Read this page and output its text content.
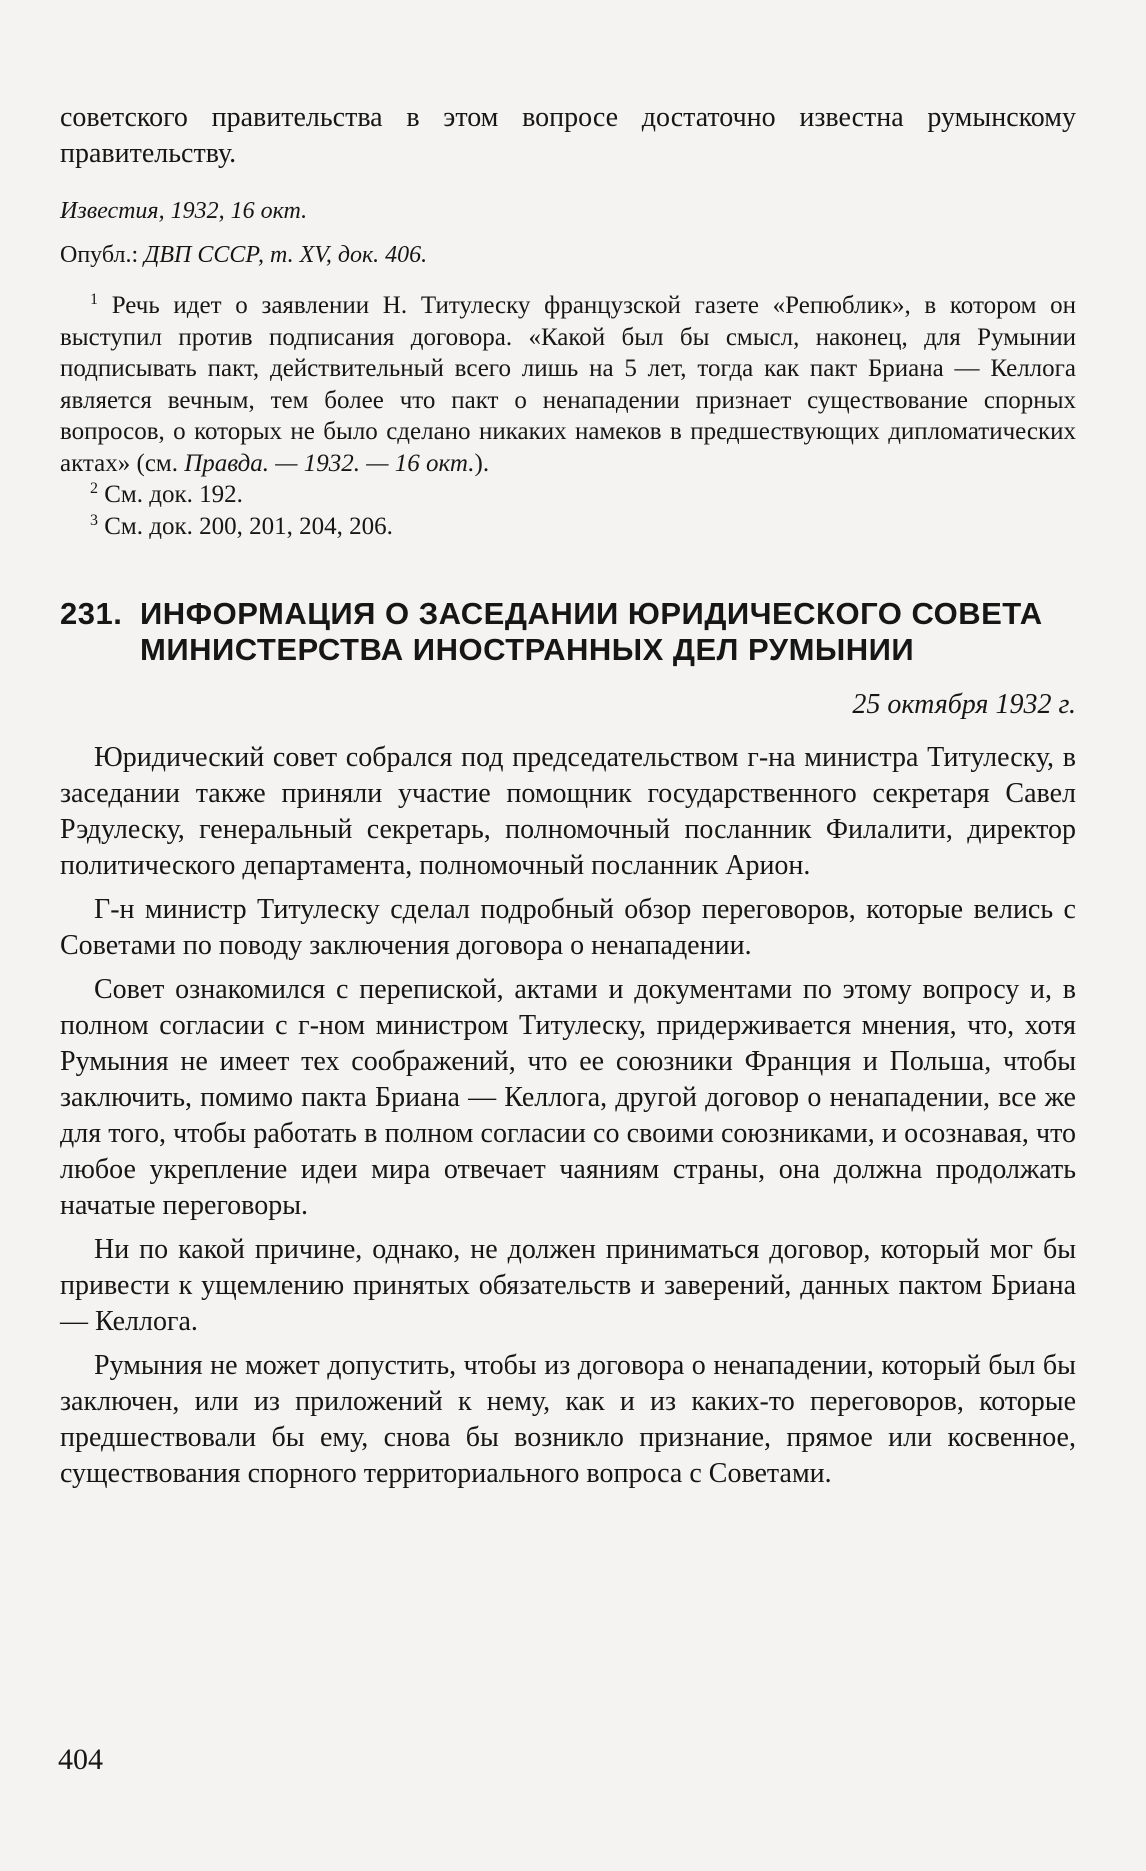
советского правительства в этом вопросе достаточно известна румынскому правительству.

Известия, 1932, 16 окт.

Опубл.: ДВП СССР, т. XV, док. 406.

$^1$ Речь идет о заявлении Н. Титулеску французской газете «Репюблик», в котором он выступил против подписания договора. «Какой был бы смысл, наконец, для Румынии подписывать пакт, действительный всего лишь на 5 лет, тогда как пакт Бриана — Келлога является вечным, тем более что пакт о ненападении признает существование спорных вопросов, о которых не было сделано никаких намеков в предшествующих дипломатических актах» (см. Правда. — 1932. — 16 окт.).

$^2$ См. док. 192.

$^3$ См. док. 200, 201, 204, 206.

231. ИНФОРМАЦИЯ О ЗАСЕДАНИИ ЮРИДИЧЕСКОГО СОВЕТА МИНИСТЕРСТВА ИНОСТРАННЫХ ДЕЛ РУМЫНИИ

25 октября 1932 г.

Юридический совет собрался под председательством г-на министра Титулеску, в заседании также приняли участие помощник государственного секретаря Савел Рэдулеску, генеральный секретарь, полномочный посланник Филалити, директор политического департамента, полномочный посланник Арион.

Г-н министр Титулеску сделал подробный обзор переговоров, которые велись с Советами по поводу заключения договора о ненападении.

Совет ознакомился с перепиской, актами и документами по этому вопросу и, в полном согласии с г-ном министром Титулеску, придерживается мнения, что, хотя Румыния не имеет тех соображений, что ее союзники Франция и Польша, чтобы заключить, помимо пакта Бриана — Келлога, другой договор о ненападении, все же для того, чтобы работать в полном согласии со своими союзниками, и осознавая, что любое укрепление идеи мира отвечает чаяниям страны, она должна продолжать начатые переговоры.

Ни по какой причине, однако, не должен приниматься договор, который мог бы привести к ущемлению принятых обязательств и заверений, данных пактом Бриана — Келлога.

Румыния не может допустить, чтобы из договора о ненападении, который был бы заключен, или из приложений к нему, как и из каких-то переговоров, которые предшествовали бы ему, снова бы возникло признание, прямое или косвенное, существования спорного территориального вопроса с Советами.

404
